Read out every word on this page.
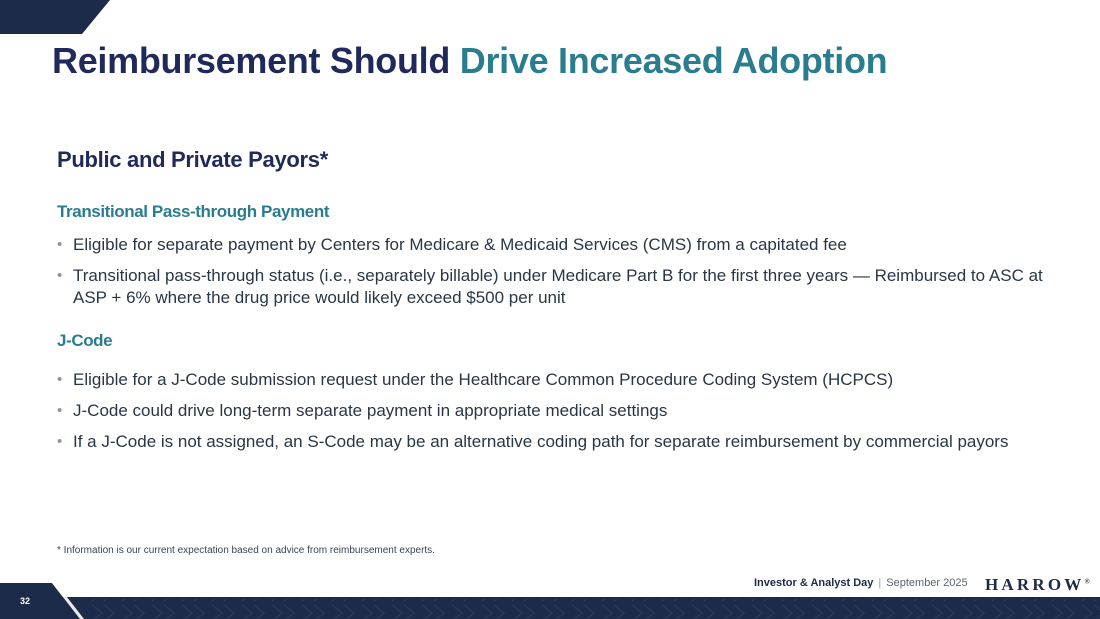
Reimbursement Should Drive Increased Adoption
Public and Private Payors*
Transitional Pass-through Payment
• Eligible for separate payment by Centers for Medicare & Medicaid Services (CMS) from a capitated fee
• Transitional pass-through status (i.e., separately billable) under Medicare Part B for the first three years — Reimbursed to ASC at ASP + 6% where the drug price would likely exceed $500 per unit
J-Code
• Eligible for a J-Code submission request under the Healthcare Common Procedure Coding System (HCPCS)
• J-Code could drive long-term separate payment in appropriate medical settings
• If a J-Code is not assigned, an S-Code may be an alternative coding path for separate reimbursement by commercial payors

* Information is our current expectation based on advice from reimbursement experts.

32
Investor & Analyst Day | September 2025 HARROW®
